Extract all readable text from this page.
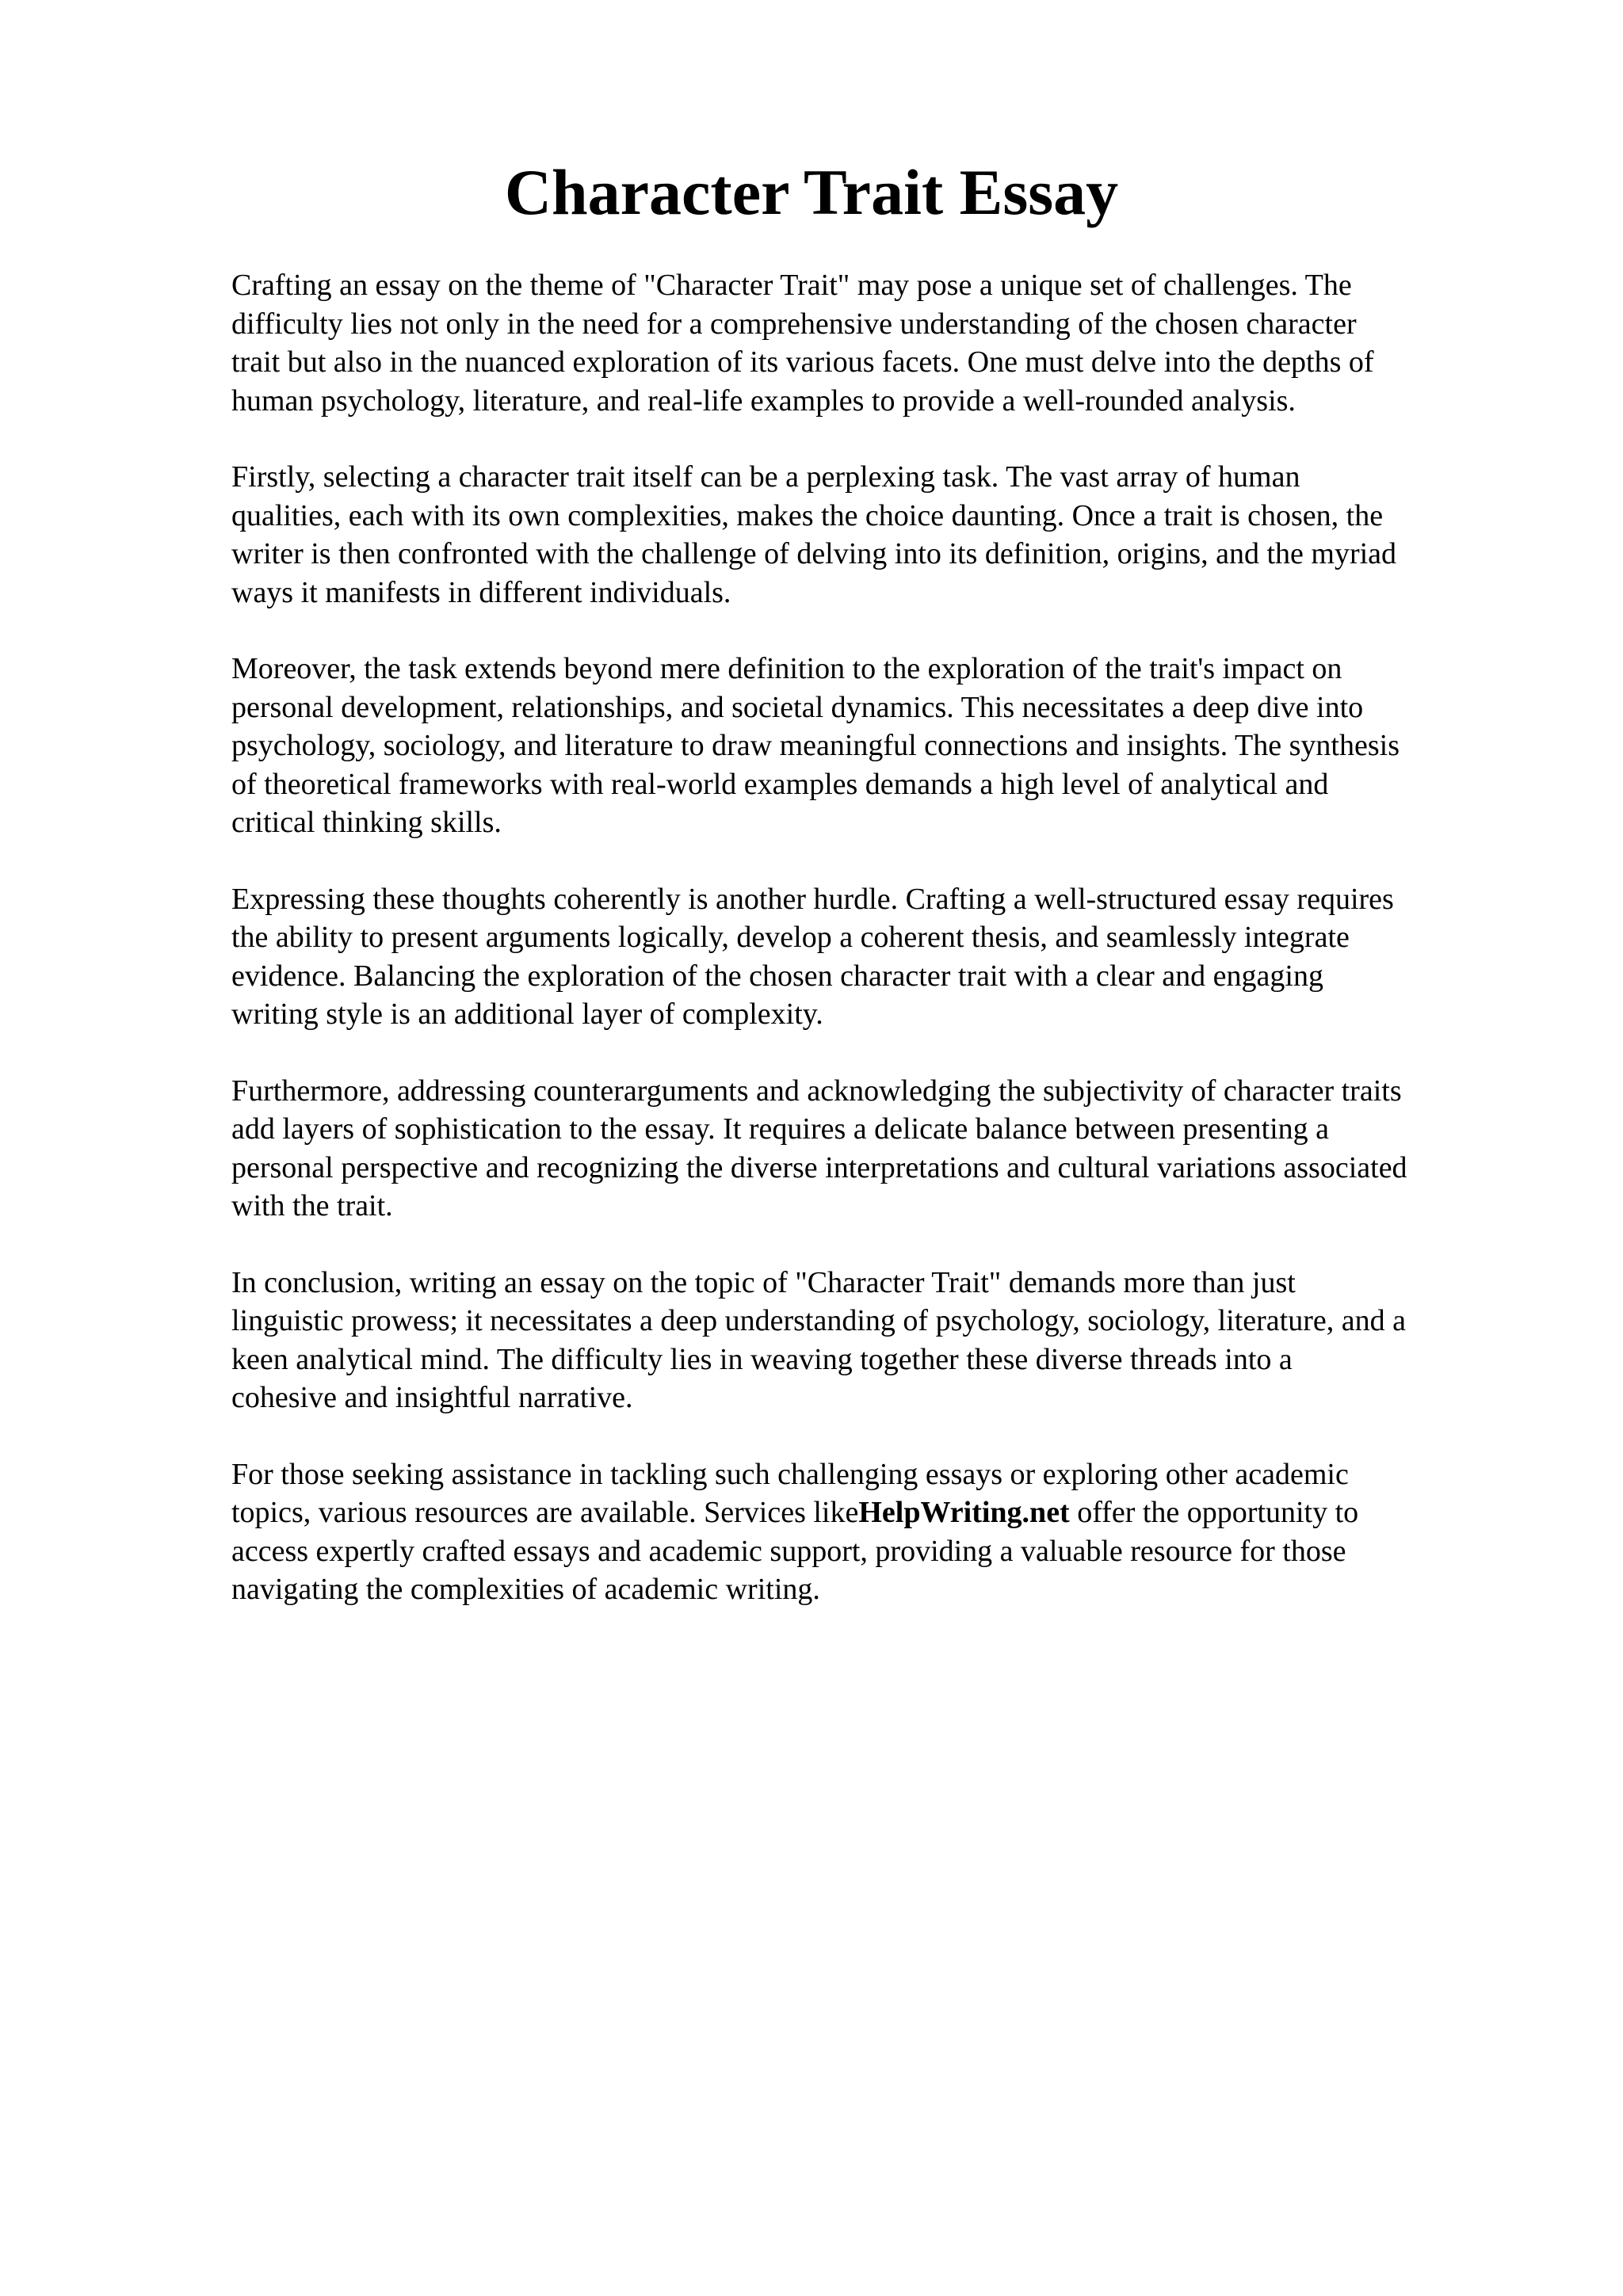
Character Trait Essay

Crafting an essay on the theme of "Character Trait" may pose a unique set of challenges. The
difficulty lies not only in the need for a comprehensive understanding of the chosen character
trait but also in the nuanced exploration of its various facets. One must delve into the depths of
human psychology, literature, and real-life examples to provide a well-rounded analysis.

Firstly, selecting a character trait itself can be a perplexing task. The vast array of human
qualities, each with its own complexities, makes the choice daunting. Once a trait is chosen, the
writer is then confronted with the challenge of delving into its definition, origins, and the myriad
ways it manifests in different individuals.

Moreover, the task extends beyond mere definition to the exploration of the trait's impact on
personal development, relationships, and societal dynamics. This necessitates a deep dive into
psychology, sociology, and literature to draw meaningful connections and insights. The synthesis
of theoretical frameworks with real-world examples demands a high level of analytical and
critical thinking skills.

Expressing these thoughts coherently is another hurdle. Crafting a well-structured essay requires
the ability to present arguments logically, develop a coherent thesis, and seamlessly integrate
evidence. Balancing the exploration of the chosen character trait with a clear and engaging
writing style is an additional layer of complexity.

Furthermore, addressing counterarguments and acknowledging the subjectivity of character traits
add layers of sophistication to the essay. It requires a delicate balance between presenting a
personal perspective and recognizing the diverse interpretations and cultural variations associated
with the trait.

In conclusion, writing an essay on the topic of "Character Trait" demands more than just
linguistic prowess; it necessitates a deep understanding of psychology, sociology, literature, and a
keen analytical mind. The difficulty lies in weaving together these diverse threads into a
cohesive and insightful narrative.

For those seeking assistance in tackling such challenging essays or exploring other academic
topics, various resources are available. Services likeHelpWriting.net offer the opportunity to
access expertly crafted essays and academic support, providing a valuable resource for those
navigating the complexities of academic writing.
